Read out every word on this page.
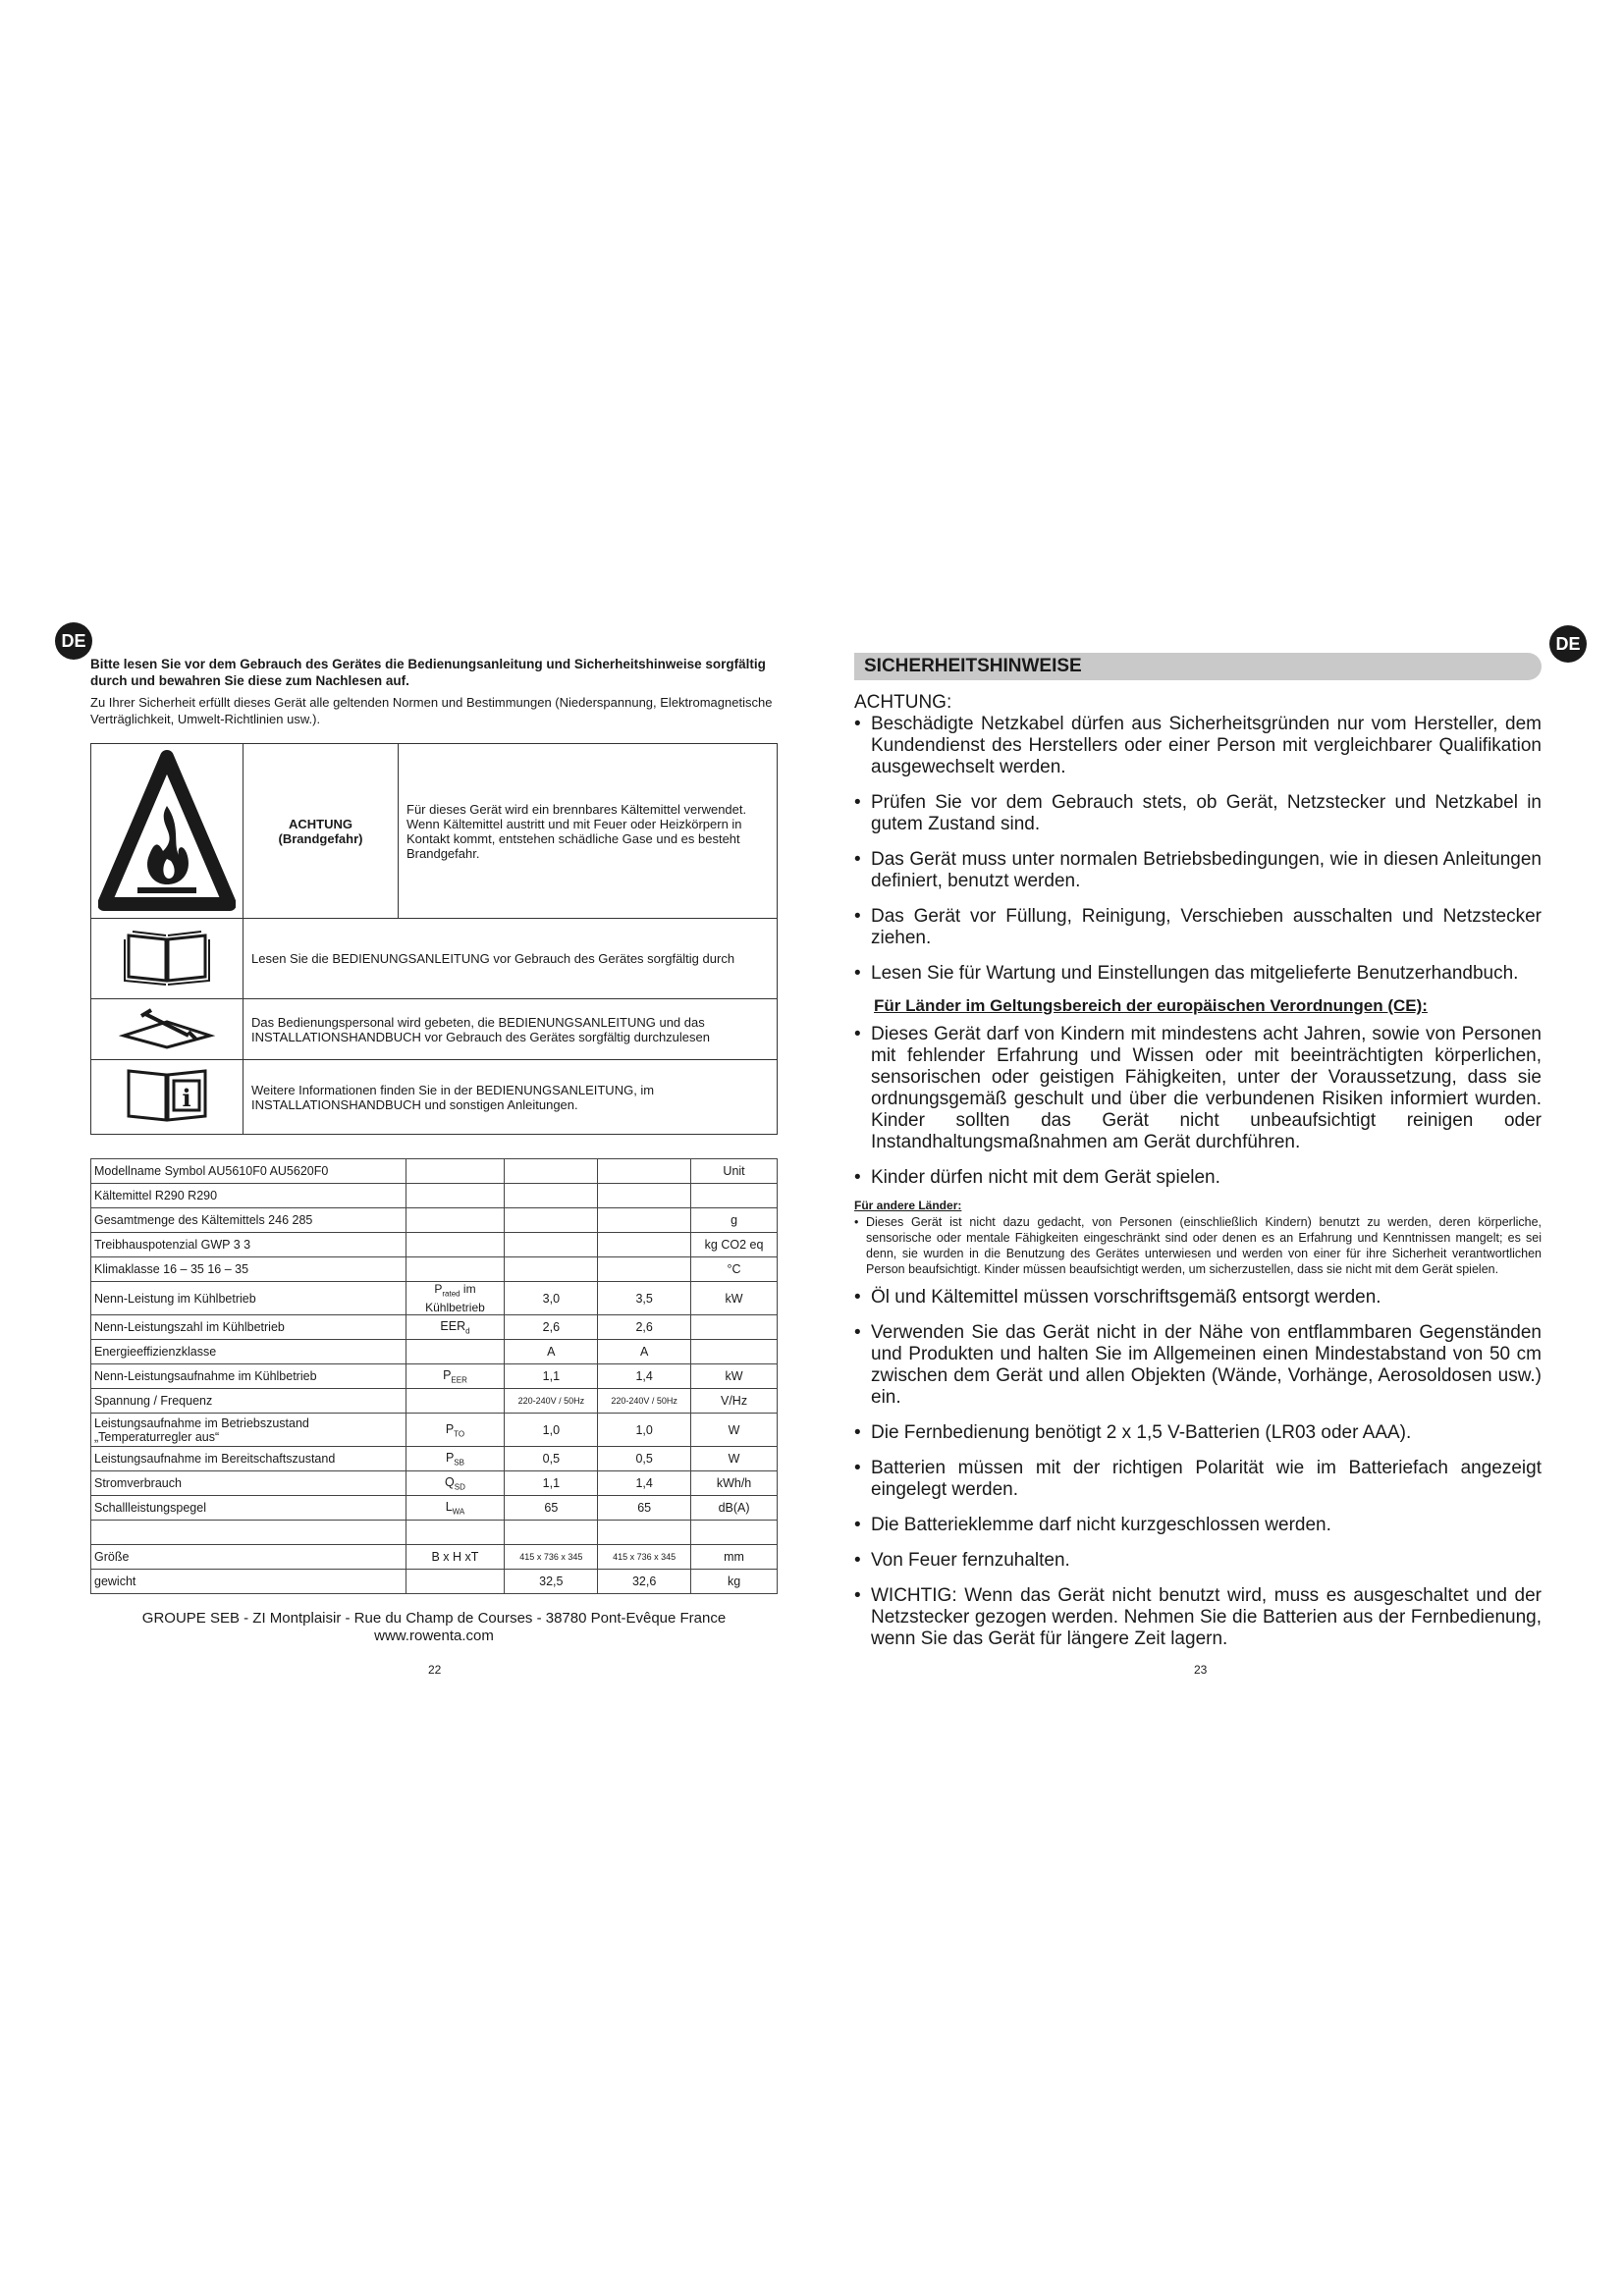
DE	DE

Bitte lesen Sie vor dem Gebrauch des Gerätes die Bedienungsanleitung und Sicherheitshinweise sorgfältig durch und bewahren Sie diese zum Nachlesen auf.

Zu Ihrer Sicherheit erfüllt dieses Gerät alle geltenden Normen und Bestimmungen (Niederspannung, Elektromagnetische Verträglichkeit, Umwelt-Richtlinien usw.).

ACHTUNG
(Brandgefahr)	Für dieses Gerät wird ein brennbares Kältemittel verwendet. Wenn Kältemittel austritt und mit Feuer oder Heizkörpern in Kontakt kommt, entstehen schädliche Gase und es besteht Brandgefahr.
	Lesen Sie die BEDIENUNGSANLEITUNG vor Gebrauch des Gerätes sorgfältig durch	
	Das Bedienungspersonal wird gebeten, die BEDIENUNGSANLEITUNG und das INSTALLATIONSHANDBUCH vor Gebrauch des Gerätes sorgfältig durchzulesen	

i	Weitere Informationen finden Sie in der BEDIENUNGSANLEITUNG, im INSTALLATIONSHANDBUCH und sonstigen Anleitungen.	
Modellname Symbol AU5610F0 AU5620F0				Unit
Kältemittel R290 R290				
Gesamtmenge des Kältemittels 246 285				g
Treibhauspotenzial GWP 3 3				kg CO2 eq
Klimaklasse 16 – 35 16 – 35				°C
Nenn-Leistung im Kühlbetrieb	$P_{rated}$ im Kühlbetrieb	3,0	3,5	kW
Nenn-Leistungszahl im Kühlbetrieb	$EER_d$	2,6	2,6	
Energieeffizienzklasse		A	A	
Nenn-Leistungsaufnahme im Kühlbetrieb	$P_{EER}$	1,1	1,4	kW
Spannung / Frequenz		220-240V / 50Hz	220-240V / 50Hz	V/Hz
Leistungsaufnahme im Betriebszustand „Temperaturregler aus“	$P_{TO}$	1,0	1,0	W
Leistungsaufnahme im Bereitschaftszustand	$P_{SB}$	0,5	0,5	W
Stromverbrauch	$Q_{SD}$	1,1	1,4	kWh/h
Schallleistungspegel	$L_{WA}$	65	65	dB(A)

Größe	B x H xT	415 x 736 x 345	415 x 736 x 345	mm
gewicht		32,5	32,6	kg
GROUPE SEB - ZI Montplaisir - Rue du Champ de Courses - 38780 Pont-Evêque France
www.rowenta.com
22
SICHERHEITSHINWEISE

ACHTUNG:

• Beschädigte Netzkabel dürfen aus Sicherheitsgründen nur vom Hersteller, dem Kundendienst des Herstellers oder einer Person mit vergleichbarer Qualifikation ausgewechselt werden.

• Prüfen Sie vor dem Gebrauch stets, ob Gerät, Netzstecker und Netzkabel in gutem Zustand sind.

• Das Gerät muss unter normalen Betriebsbedingungen, wie in diesen Anleitungen definiert, benutzt werden.

• Das Gerät vor Füllung, Reinigung, Verschieben ausschalten und Netzstecker ziehen.

• Lesen Sie für Wartung und Einstellungen das mitgelieferte Benutzerhandbuch.

Für Länder im Geltungsbereich der europäischen Verordnungen (CE):

• Dieses Gerät darf von Kindern mit mindestens acht Jahren, sowie von Personen mit fehlender Erfahrung und Wissen oder mit beeinträchtigten körperlichen, sensorischen oder geistigen Fähigkeiten, unter der Voraussetzung, dass sie ordnungsgemäß geschult und über die verbundenen Risiken informiert wurden. Kinder sollten das Gerät nicht unbeaufsichtigt reinigen oder Instandhaltungsmaßnahmen am Gerät durchführen.

• Kinder dürfen nicht mit dem Gerät spielen.

Für andere Länder:

• Dieses Gerät ist nicht dazu gedacht, von Personen (einschließlich Kindern) benutzt zu werden, deren körperliche, sensorische oder mentale Fähigkeiten eingeschränkt sind oder denen es an Erfahrung und Kenntnissen mangelt; es sei denn, sie wurden in die Benutzung des Gerätes unterwiesen und werden von einer für ihre Sicherheit verantwortlichen Person beaufsichtigt. Kinder müssen beaufsichtigt werden, um sicherzustellen, dass sie nicht mit dem Gerät spielen.

• Öl und Kältemittel müssen vorschriftsgemäß entsorgt werden.

• Verwenden Sie das Gerät nicht in der Nähe von entflammbaren Gegenständen und Produkten und halten Sie im Allgemeinen einen Mindestabstand von 50 cm zwischen dem Gerät und allen Objekten (Wände, Vorhänge, Aerosoldosen usw.) ein.

• Die Fernbedienung benötigt 2 x 1,5 V-Batterien (LR03 oder AAA).

• Batterien müssen mit der richtigen Polarität wie im Batteriefach angezeigt eingelegt werden.

• Die Batterieklemme darf nicht kurzgeschlossen werden.

• Von Feuer fernzuhalten.

• WICHTIG: Wenn das Gerät nicht benutzt wird, muss es ausgeschaltet und der Netzstecker gezogen werden. Nehmen Sie die Batterien aus der Fernbedienung, wenn Sie das Gerät für längere Zeit lagern.

23
